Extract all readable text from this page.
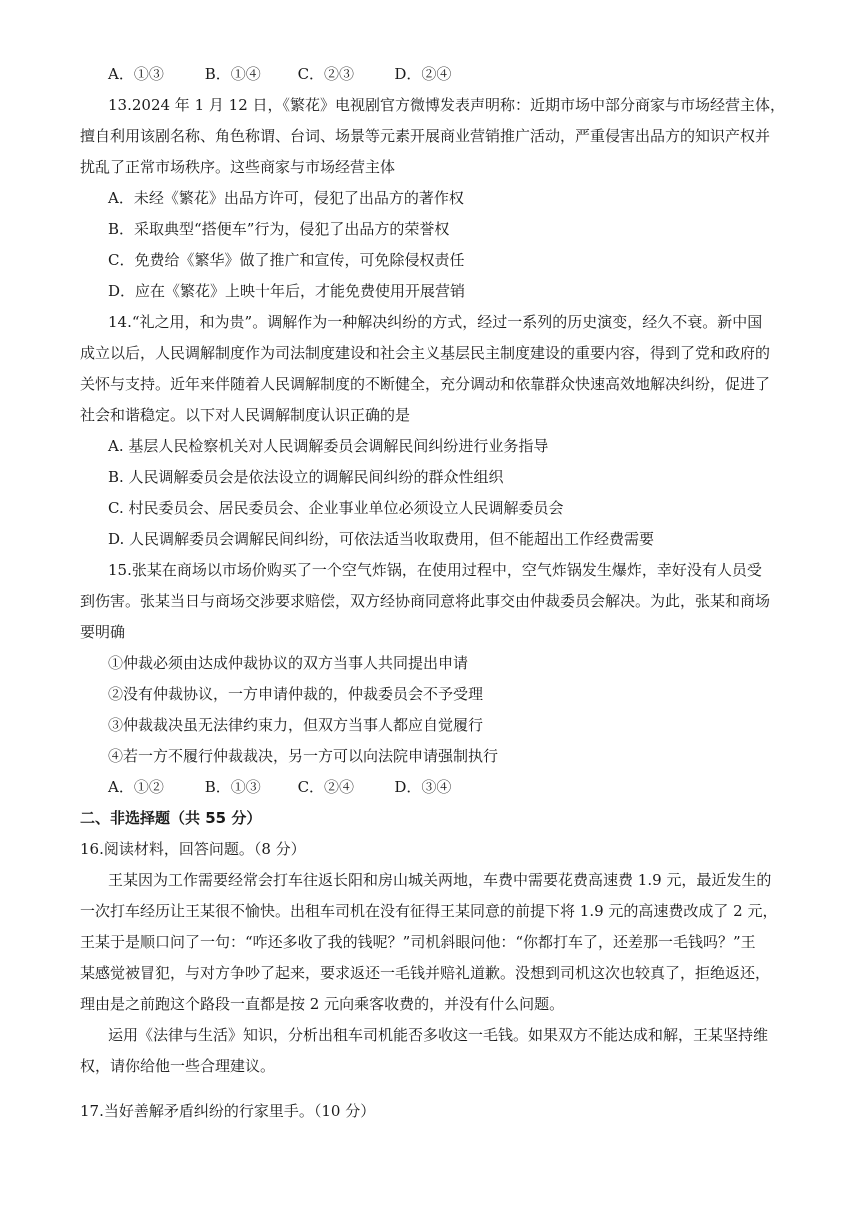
A．①③	B．①④ C．②③	D．②④
13.2024 年 1 月 12 日，《繁花》电视剧官方微博发表声明称：近期市场中部分商家与市场经营主体，
擅自利用该剧名称、角色称谓、台词、场景等元素开展商业营销推广活动，严重侵害出品方的知识产权并
扰乱了正常市场秩序。这些商家与市场经营主体
A．未经《繁花》出品方许可，侵犯了出品方的著作权
B．采取典型“搭便车”行为，侵犯了出品方的荣誉权
C．免费给《繁华》做了推广和宣传，可免除侵权责任
D．应在《繁花》上映十年后，才能免费使用开展营销
14.“礼之用，和为贵”。调解作为一种解决纠纷的方式，经过一系列的历史演变，经久不衰。新中国
成立以后，人民调解制度作为司法制度建设和社会主义基层民主制度建设的重要内容，得到了党和政府的
关怀与支持。近年来伴随着人民调解制度的不断健全，充分调动和依靠群众快速高效地解决纠纷，促进了
社会和谐稳定。以下对人民调解制度认识正确的是
A. 基层人民检察机关对人民调解委员会调解民间纠纷进行业务指导
B. 人民调解委员会是依法设立的调解民间纠纷的群众性组织
C. 村民委员会、居民委员会、企业事业单位必须设立人民调解委员会
D. 人民调解委员会调解民间纠纷，可依法适当收取费用，但不能超出工作经费需要
15.张某在商场以市场价购买了一个空气炸锅，在使用过程中，空气炸锅发生爆炸，幸好没有人员受
到伤害。张某当日与商场交涉要求赔偿，双方经协商同意将此事交由仲裁委员会解决。为此，张某和商场
要明确
①仲裁必须由达成仲裁协议的双方当事人共同提出申请
②没有仲裁协议，一方申请仲裁的，仲裁委员会不予受理
③仲裁裁决虽无法律约束力，但双方当事人都应自觉履行
④若一方不履行仲裁裁决，另一方可以向法院申请强制执行
A．①②	B．①③ C．②④	D．③④
二、非选择题（共 55 分）
16.阅读材料，回答问题。（8 分）
王某因为工作需要经常会打车往返长阳和房山城关两地，车费中需要花费高速费 1.9 元，最近发生的
一次打车经历让王某很不愉快。出租车司机在没有征得王某同意的前提下将 1.9 元的高速费改成了 2 元，
王某于是顺口问了一句：“咋还多收了我的钱呢？”司机斜眼问他：“你都打车了，还差那一毛钱吗？”王
某感觉被冒犯，与对方争吵了起来，要求返还一毛钱并赔礼道歉。没想到司机这次也较真了，拒绝返还，
理由是之前跑这个路段一直都是按 2 元向乘客收费的，并没有什么问题。
运用《法律与生活》知识，分析出租车司机能否多收这一毛钱。如果双方不能达成和解，王某坚持维
权，请你给他一些合理建议。
17.当好善解矛盾纠纷的行家里手。（10 分）
